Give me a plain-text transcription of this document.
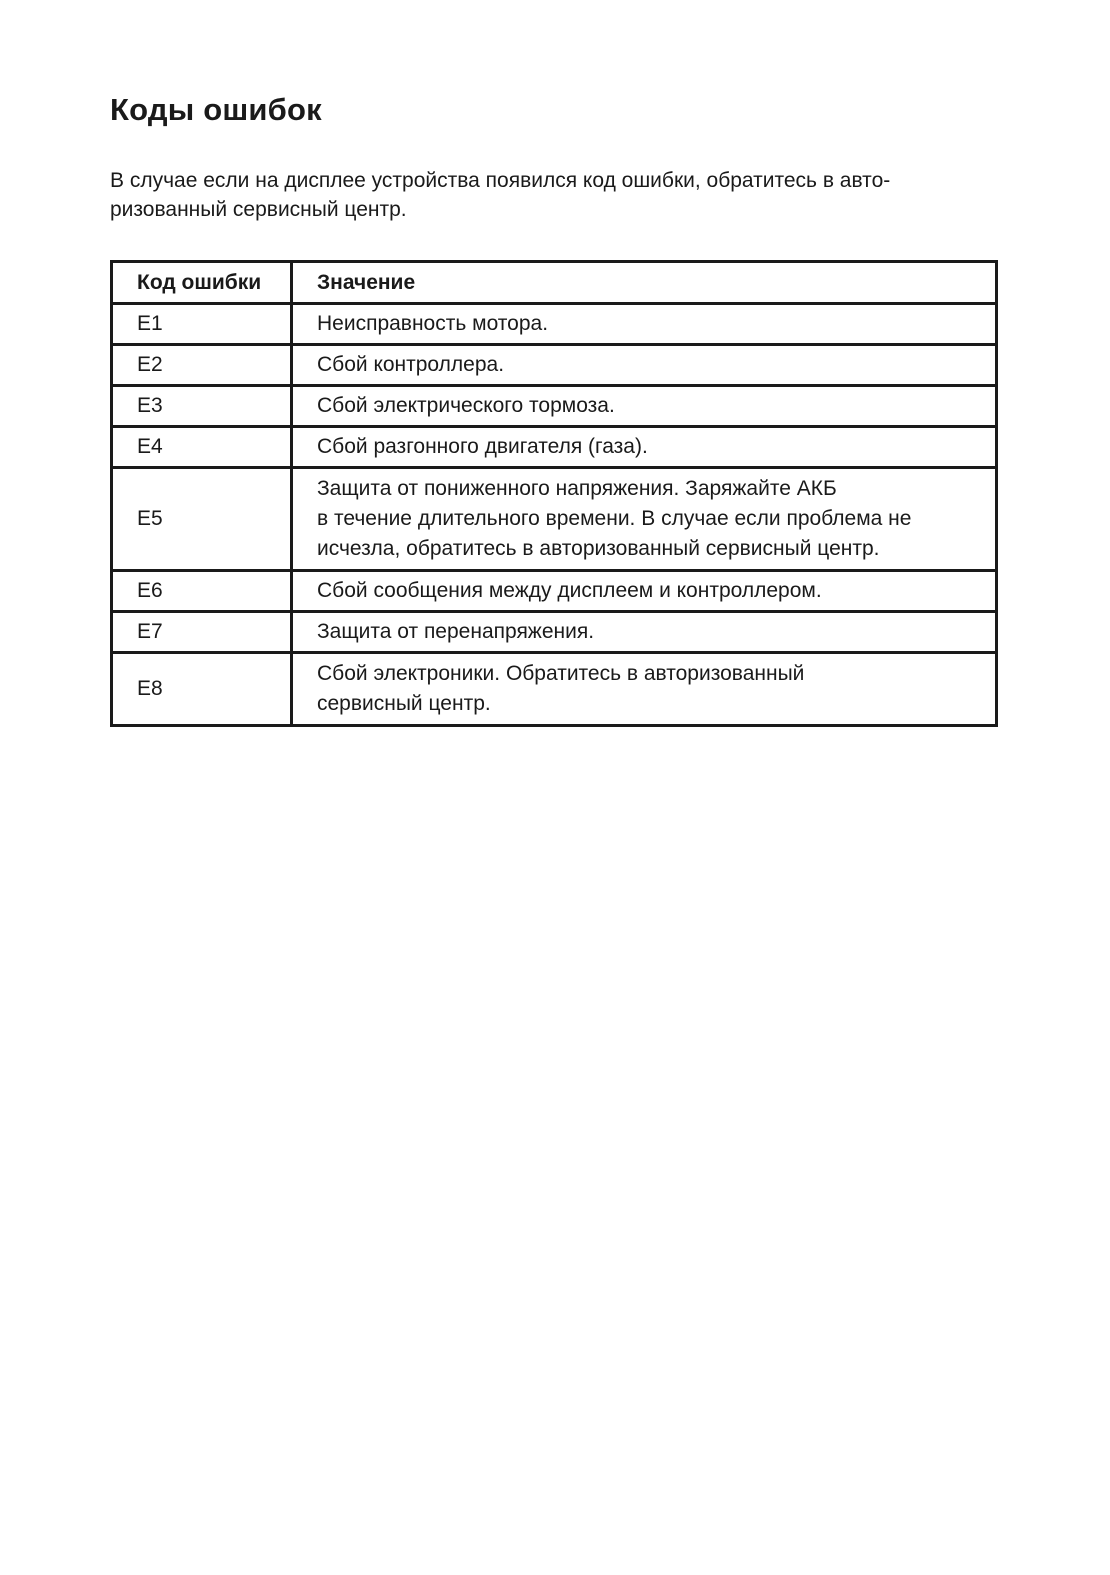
Коды ошибок

В случае если на дисплее устройства появился код ошибки, обратитесь в авто-
ризованный сервисный центр.

Код ошибки	Значение
E1	Неисправность мотора.
E2	Сбой контроллера.
E3	Сбой электрического тормоза.
E4	Сбой разгонного двигателя (газа).
E5	Защита от пониженного напряжения. Заряжайте АКБ
в течение длительного времени. В случае если проблема не
исчезла, обратитесь в авторизованный сервисный центр.

E6	Сбой сообщения между дисплеем и контроллером.
E7	Защита от перенапряжения.
E8	Сбой электроники. Обратитесь в авторизованный
сервисный центр.
